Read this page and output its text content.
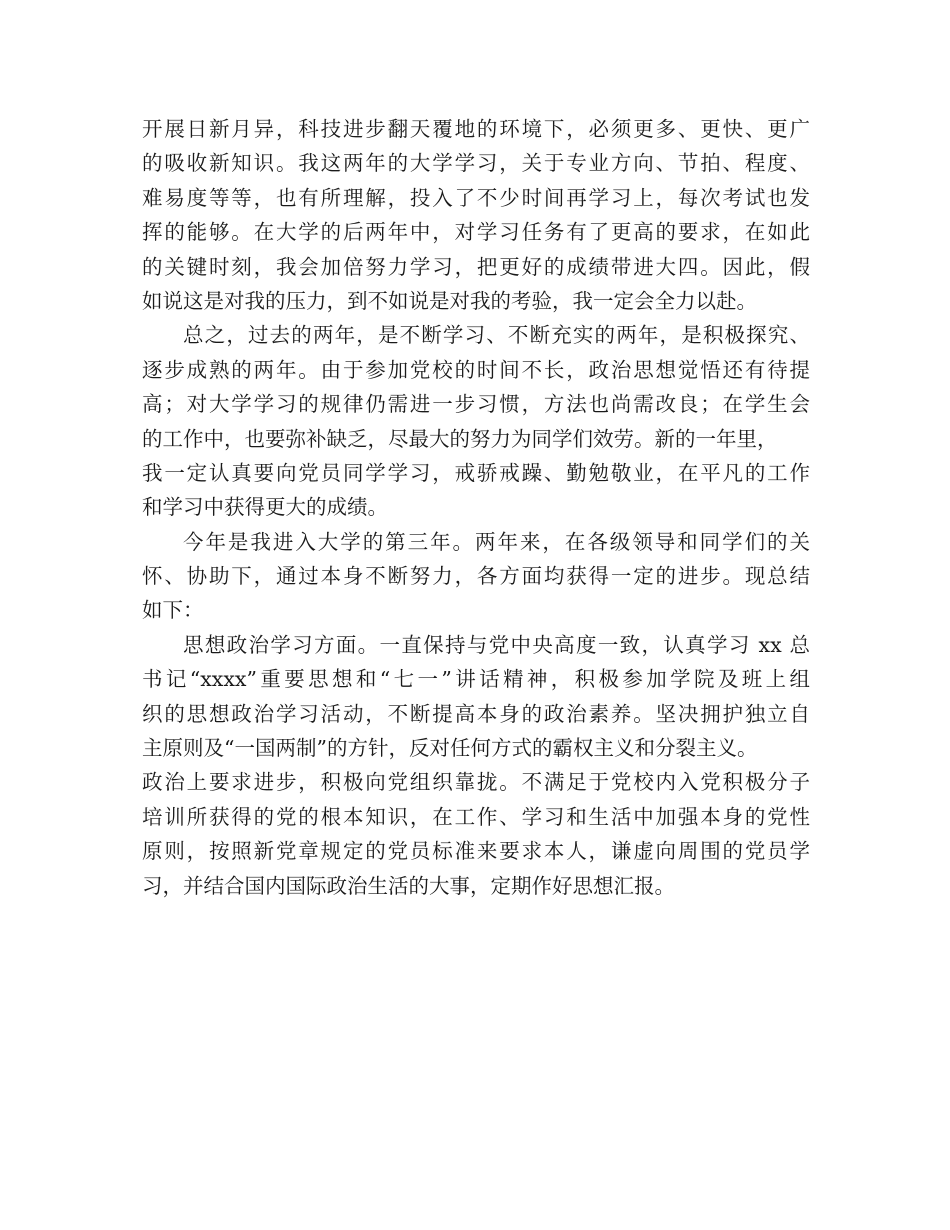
开展日新月异，科技进步翻天覆地的环境下，必须更多、更快、更广
的吸收新知识。我这两年的大学学习，关于专业方向、节拍、程度、
难易度等等，也有所理解，投入了不少时间再学习上，每次考试也发
挥的能够。在大学的后两年中，对学习任务有了更高的要求，在如此
的关键时刻，我会加倍努力学习，把更好的成绩带进大四。因此，假
如说这是对我的压力，到不如说是对我的考验，我一定会全力以赴。
总之，过去的两年，是不断学习、不断充实的两年，是积极探究、
逐步成熟的两年。由于参加党校的时间不长，政治思想觉悟还有待提
高；对大学学习的规律仍需进一步习惯，方法也尚需改良；在学生会
的工作中，也要弥补缺乏，尽最大的努力为同学们效劳。新的一年里，
我一定认真要向党员同学学习，戒骄戒躁、勤勉敬业，在平凡的工作
和学习中获得更大的成绩。
今年是我进入大学的第三年。两年来，在各级领导和同学们的关
怀、协助下，通过本身不断努力，各方面均获得一定的进步。现总结
如下：
思想政治学习方面。一直保持与党中央高度一致，认真学习 xx 总
书记“xxxx”重要思想和“七一”讲话精神，积极参加学院及班上组
织的思想政治学习活动，不断提高本身的政治素养。坚决拥护独立自
主原则及“一国两制”的方针，反对任何方式的霸权主义和分裂主义。
政治上要求进步，积极向党组织靠拢。不满足于党校内入党积极分子
培训所获得的党的根本知识，在工作、学习和生活中加强本身的党性
原则，按照新党章规定的党员标准来要求本人，谦虚向周围的党员学
习，并结合国内国际政治生活的大事，定期作好思想汇报。
